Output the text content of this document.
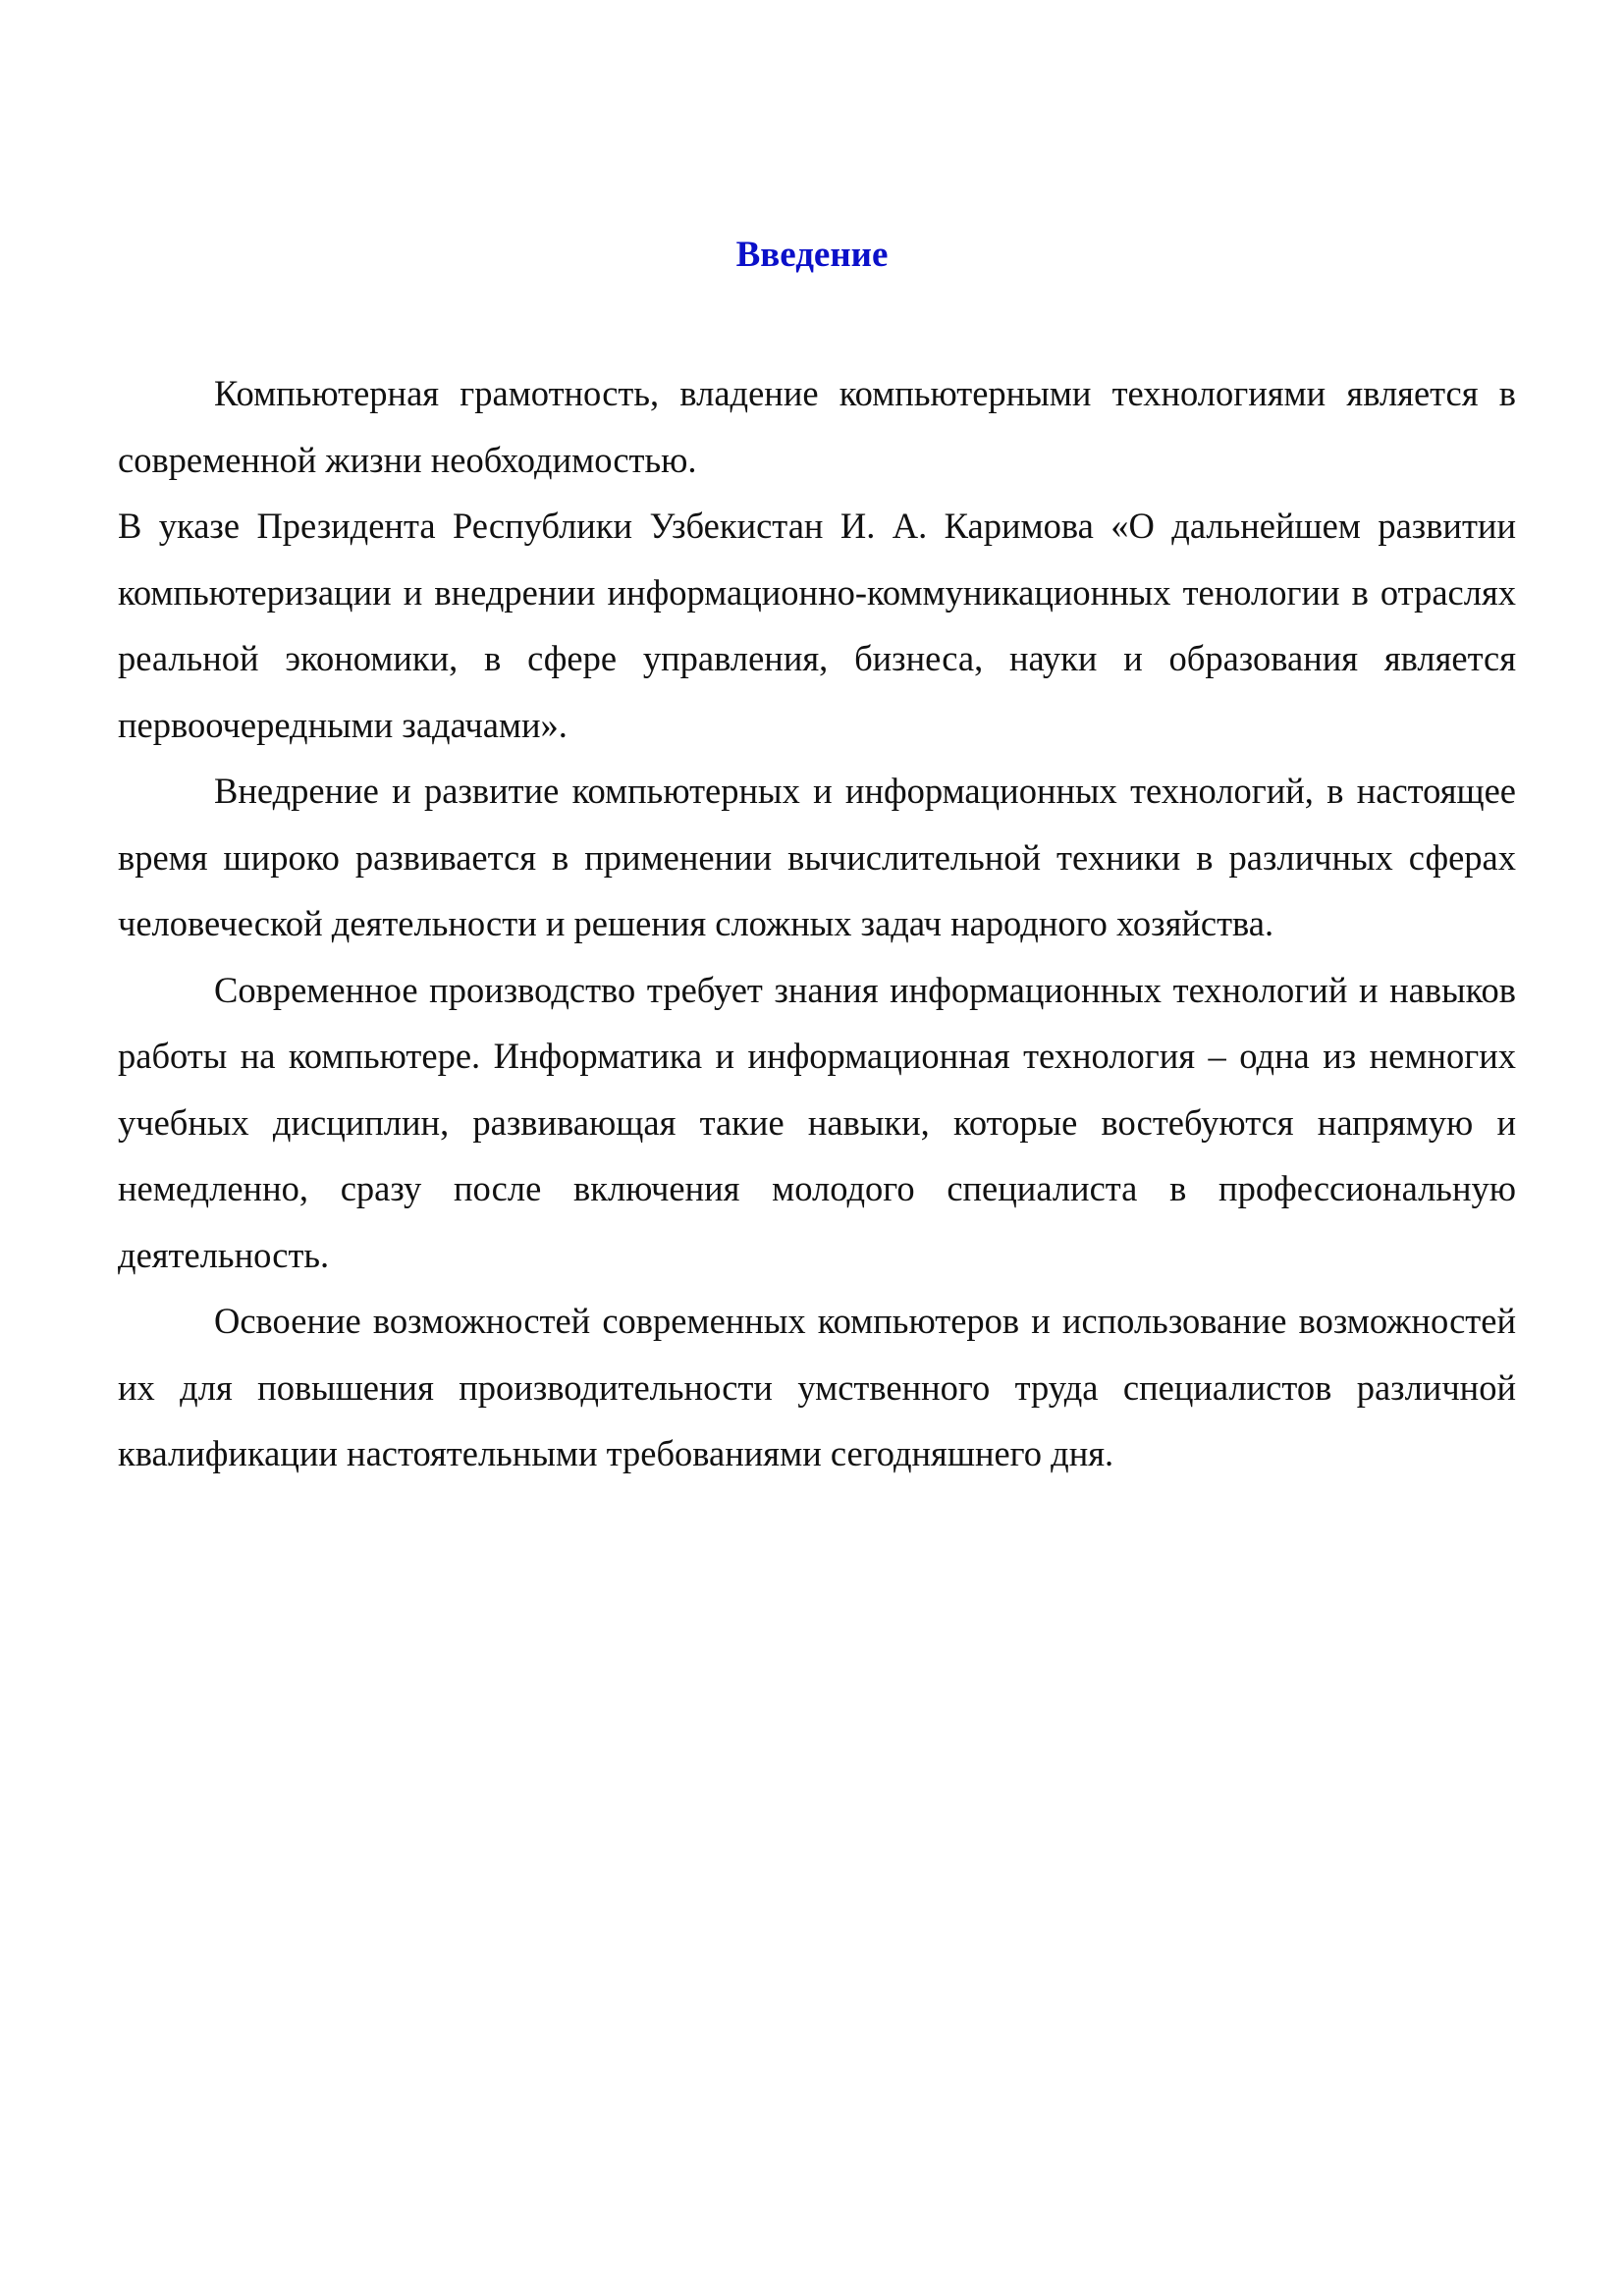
Введение

Компьютерная грамотность, владение компьютерными технологиями является в современной жизни необходимостью.

В указе Президента Республики Узбекистан И. А. Каримова «О дальнейшем развитии компьютеризации и внедрении информационно-коммуникационных тенологии в отраслях реальной экономики, в сфере управления, бизнеса, науки и образования является первоочередными задачами».

Внедрение и развитие компьютерных и информационных технологий, в настоящее время широко развивается в применении вычислительной техники в различных сферах человеческой деятельности и решения сложных задач народного хозяйства.

Современное производство требует знания информационных технологий и навыков работы на компьютере. Информатика и информационная технология – одна из немногих учебных дисциплин, развивающая такие навыки, которые востебуются напрямую и немедленно, сразу после включения молодого специалиста в профессиональную деятельность.

Освоение возможностей современных компьютеров и использование возможностей их для повышения производительности умственного труда специалистов различной квалификации настоятельными требованиями сегодняшнего дня.
